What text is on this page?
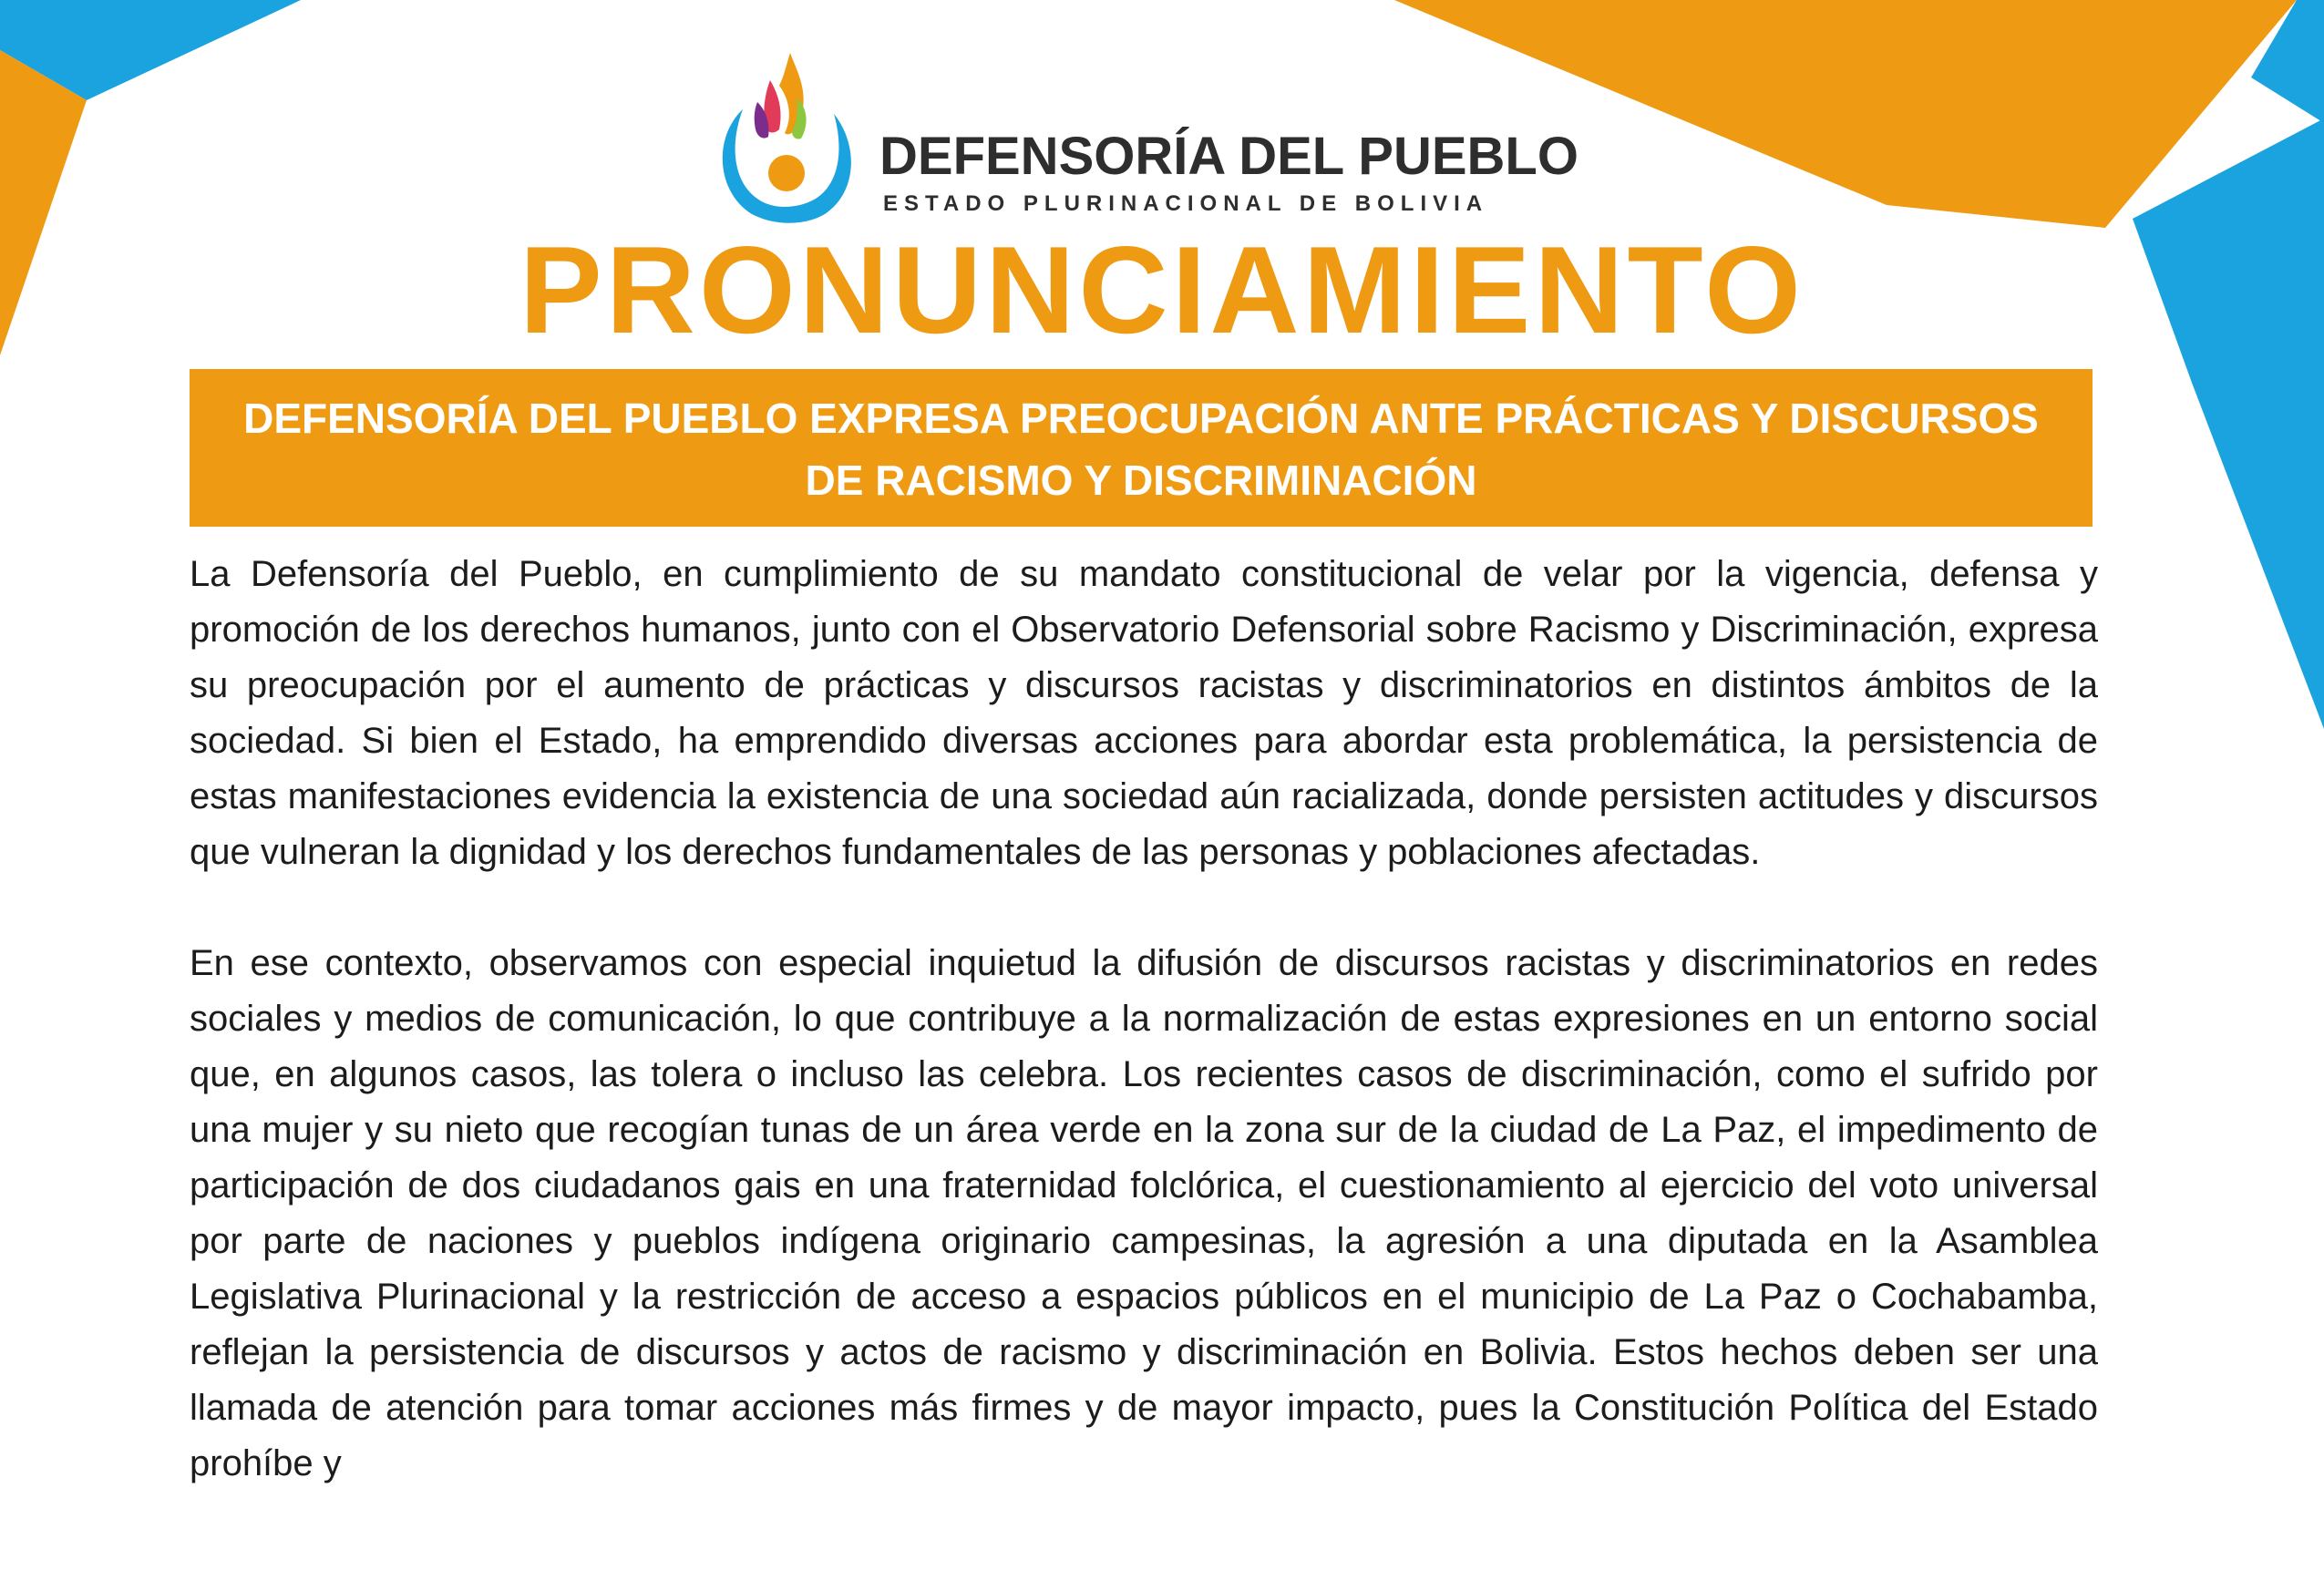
DEFENSORÍA DEL PUEBLO

ESTADO PLURINACIONAL DE BOLIVIA

PRONUNCIAMIENTO

DEFENSORÍA DEL PUEBLO EXPRESA PREOCUPACIÓN ANTE PRÁCTICAS Y DISCURSOS DE RACISMO Y DISCRIMINACIÓN

La Defensoría del Pueblo, en cumplimiento de su mandato constitucional de velar por la vigencia, defensa y promoción de los derechos humanos, junto con el Observatorio Defensorial sobre Racismo y Discriminación, expresa su preocupación por el aumento de prácticas y discursos racistas y discriminatorios en distintos ámbitos de la sociedad. Si bien el Estado, ha emprendido diversas acciones para abordar esta problemática, la persistencia de estas manifestaciones evidencia la existencia de una sociedad aún racializada, donde persisten actitudes y discursos que vulneran la dignidad y los derechos fundamentales de las personas y poblaciones afectadas.

En ese contexto, observamos con especial inquietud la difusión de discursos racistas y discriminatorios en redes sociales y medios de comunicación, lo que contribuye a la normalización de estas expresiones en un entorno social que, en algunos casos, las tolera o incluso las celebra. Los recientes casos de discriminación, como el sufrido por una mujer y su nieto que recogían tunas de un área verde en la zona sur de la ciudad de La Paz, el impedimento de participación de dos ciudadanos gais en una fraternidad folclórica, el cuestionamiento al ejercicio del voto universal por parte de naciones y pueblos indígena originario campesinas, la agresión a una diputada en la Asamblea Legislativa Plurinacional y la restricción de acceso a espacios públicos en el municipio de La Paz o Cochabamba, reflejan la persistencia de discursos y actos de racismo y discriminación en Bolivia. Estos hechos deben ser una llamada de atención para tomar acciones más firmes y de mayor impacto, pues la Constitución Política del Estado prohíbe y
